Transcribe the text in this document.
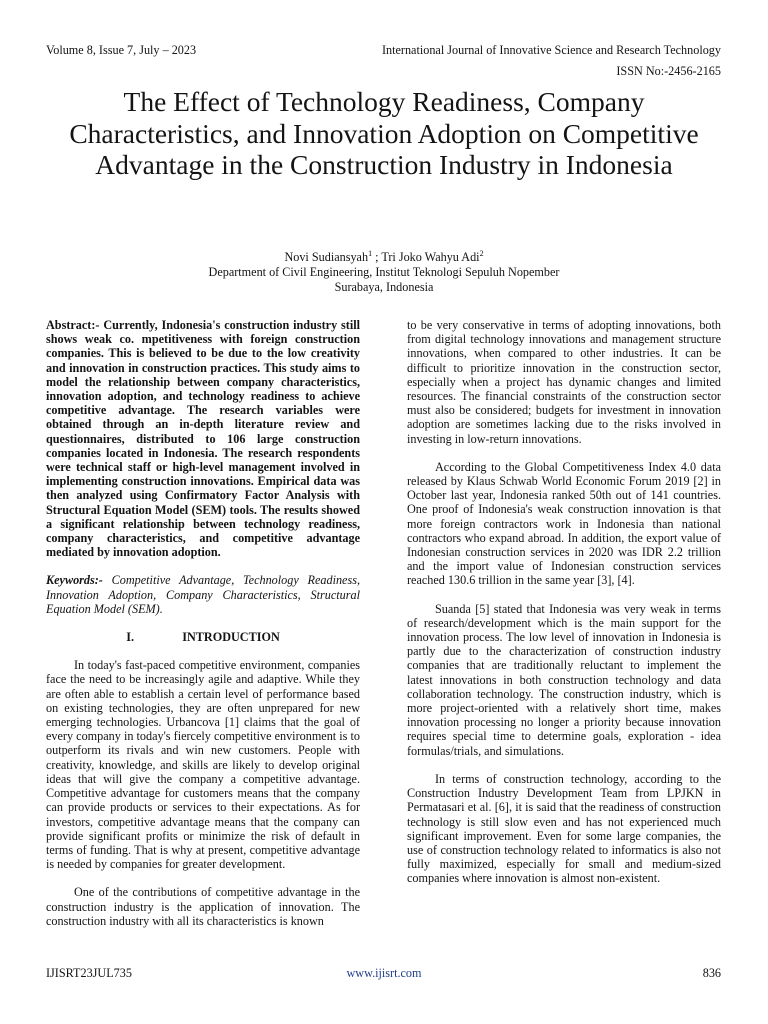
Volume 8, Issue 7, July – 2023	International Journal of Innovative Science and Research Technology
ISSN No:-2456-2165
The Effect of Technology Readiness, Company Characteristics, and Innovation Adoption on Competitive Advantage in the Construction Industry in Indonesia
Novi Sudiansyah$^1$ ; Tri Joko Wahyu Adi$^2$
Department of Civil Engineering, Institut Teknologi Sepuluh Nopember
Surabaya, Indonesia

Abstract:- Currently, Indonesia's construction industry still shows weak co. mpetitiveness with foreign construction companies. This is believed to be due to the low creativity and innovation in construction practices. This study aims to model the relationship between company characteristics, innovation adoption, and technology readiness to achieve competitive advantage. The research variables were obtained through an in-depth literature review and questionnaires, distributed to 106 large construction companies located in Indonesia. The research respondents were technical staff or high-level management involved in implementing construction innovations. Empirical data was then analyzed using Confirmatory Factor Analysis with Structural Equation Model (SEM) tools. The results showed a significant relationship between technology readiness, company characteristics, and competitive advantage mediated by innovation adoption.

Keywords:- Competitive Advantage, Technology Readiness, Innovation Adoption, Company Characteristics, Structural Equation Model (SEM).

I.	INTRODUCTION

In today's fast-paced competitive environment, companies face the need to be increasingly agile and adaptive. While they are often able to establish a certain level of performance based on existing technologies, they are often unprepared for new emerging technologies. Urbancova [1] claims that the goal of every company in today's fiercely competitive environment is to outperform its rivals and win new customers. People with creativity, knowledge, and skills are likely to develop original ideas that will give the company a competitive advantage. Competitive advantage for customers means that the company can provide products or services to their expectations. As for investors, competitive advantage means that the company can provide significant profits or minimize the risk of default in terms of funding. That is why at present, competitive advantage is needed by companies for greater development.

One of the contributions of competitive advantage in the construction industry is the application of innovation. The construction industry with all its characteristics is known

to be very conservative in terms of adopting innovations, both from digital technology innovations and management structure innovations, when compared to other industries. It can be difficult to prioritize innovation in the construction sector, especially when a project has dynamic changes and limited resources. The financial constraints of the construction sector must also be considered; budgets for investment in innovation adoption are sometimes lacking due to the risks involved in investing in low-return innovations.

According to the Global Competitiveness Index 4.0 data released by Klaus Schwab World Economic Forum 2019 [2] in October last year, Indonesia ranked 50th out of 141 countries. One proof of Indonesia's weak construction innovation is that more foreign contractors work in Indonesia than national contractors who expand abroad. In addition, the export value of Indonesian construction services in 2020 was IDR 2.2 trillion and the import value of Indonesian construction services reached 130.6 trillion in the same year [3], [4].

Suanda [5] stated that Indonesia was very weak in terms of research/development which is the main support for the innovation process. The low level of innovation in Indonesia is partly due to the characterization of construction industry companies that are traditionally reluctant to implement the latest innovations in both construction technology and data collaboration technology. The construction industry, which is more project-oriented with a relatively short time, makes innovation processing no longer a priority because innovation requires special time to determine goals, exploration - idea formulas/trials, and simulations.

In terms of construction technology, according to the Construction Industry Development Team from LPJKN in Permatasari et al. [6], it is said that the readiness of construction technology is still slow even and has not experienced much significant improvement. Even for some large companies, the use of construction technology related to informatics is also not fully maximized, especially for small and medium-sized companies where innovation is almost non-existent.

IJISRT23JUL735	www.ijisrt.com	836
